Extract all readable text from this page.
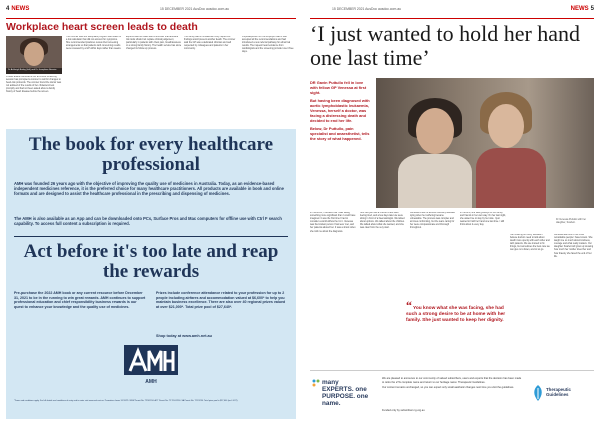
4 NEWS	15 DECEMBER 2021 AusDoc ausdoc.com.au	15 DECEMBER 2021 AusDoc ausdoc.com.au	NEWS 5
Workplace heart screen leads to death
Dr Ashleigh Bailey (left) and Dr Josephine Bouvier
A heart attack that killed a GP at a work screening session has prompted a coroner to call for changes to heart-risk protocols. The coroner found the doctor was not advised of the results of her cholesterol test promptly and had not been asked about a family history of heart disease before the screen.
The coroner said the workplace program had relied on a risk calculator that did not account for symptoms. She recommended practices review their screening arrangements so that patients with concerning results were reviewed by a GP within days rather than weeks.
Experts said the case was a reminder that absolute risk tools should not replace clinical judgement, particularly in patients with chest pain, breathlessness or a strong family history. The health service has since changed its follow-up process.
The family said in a statement they hoped the findings would prevent another death. The coroner said the GP was a dedicated clinician and well respected by colleagues and patients in her community.
A spokesperson for the employer said it had accepted all the recommendations and had introduced a new referral pathway for abnormal results. The inquest heard evidence from cardiologists and the screening provider over three days.
The book for every healthcare professional
AMH was founded 26 years ago with the objective of improving the quality use of medicines in Australia. Today, as an evidence-based independent medicines reference, it is the preferred choice for many healthcare practitioners. All products are available in book and online formats and are designed to assist the healthcare professional in the prescribing and dispensing of medicines.
The AMH is also available as an App and can be downloaded onto PCs, Surface Pros and Mac computers for offline use with Ctrl F search capability. To access full content a subscription is required.
Act before it's too late and reap the rewards
Pre-purchase the 2022 AMH book or any current resource before December 31, 2021 to be in the running to win great rewards. AMH continues to support professional education and chief responsibility business rewards is our quest to enhance your knowledge and the quality use of medicines.
Prizes include conference attendance related to your profession for up to 2 people including airfares and accommodation valued at $6,600* to help you maintain business excellence. There are also over 40 regional prizes valued at over $21,000*. Total prize pool of $27,640*.
Shop today at www.amh.net.au
AMH
*Terms and conditions apply. For full details and conditions of entry and to enter visit www.amh.net.au. Promotion closes 31/12/21. NSW Permit No. TP/01234. ACT Permit No. TP 21/01234. SA Permit No. T21/1234. Total prize pool is $27,640 (incl. GST).
‘I just wanted to hold her hand one last time’

DR Gavin Puttullo fell in love with fellow GP Venessa at first sight.

But having been diagnosed with aortic lymphoblastic leukaemia, Venessa, herself a doctor, was facing a distressing death and decided to end her life.

Below, Dr Puttullo, pain specialist and anaesthetist, tells the story of what happened.

Dr Venessa Puttullo with her daughter, Scarlett.
In mid-2021, I decided that I was taking something more significant than I could have imagined. It was the first time I had to consider a world without her in it. Venessa was the kindest person I had ever met, and her patients adored her. It was a shock when she told me about the diagnosis.
She had just had a routine check after feeling tired, and a few days later we were sitting in front of a haematologist. We talked about options. We talked about the children. We talked about what she wanted, and she was clear from the very start.
Venessa chose to access voluntary assisted dying when her suffering became unbearable. The process was complex and at times confronting, but the team caring for her were compassionate and thorough throughout.
In the end, she said goodbye to our family and friends in her own way. On her last night, she asked me to stay by her side. I just wanted to hold her hand one last time. I still think about it every day.
I am sharing our story because I believe doctors need to talk about death more openly with each other and with patients. We are trained to fix things, but sometimes the best care we can give is to listen, and to let go.
Venessa was one of the most remarkable people I have known. She taught me so much about kindness, courage and what really matters. Our daughter Scarlett will grow up knowing how much her mother loved her and how bravely she faced the end of her life.
“You know what she was facing, she had such a strong desire to be at home with her family. She just wanted to keep her dignity.
many EXPERTS. one PURPOSE. one name.

We are pleased to announce to our community of valued subscribers, users and experts that the decision has been made to retire the eTG complete name and return to our heritage name: Therapeutic Guidelines.

Our content remains unchanged, so you can expect only small aesthetic changes next time you visit the guidelines.

Funded only by subscribers tg.org.au
Therapeutic Guidelines
